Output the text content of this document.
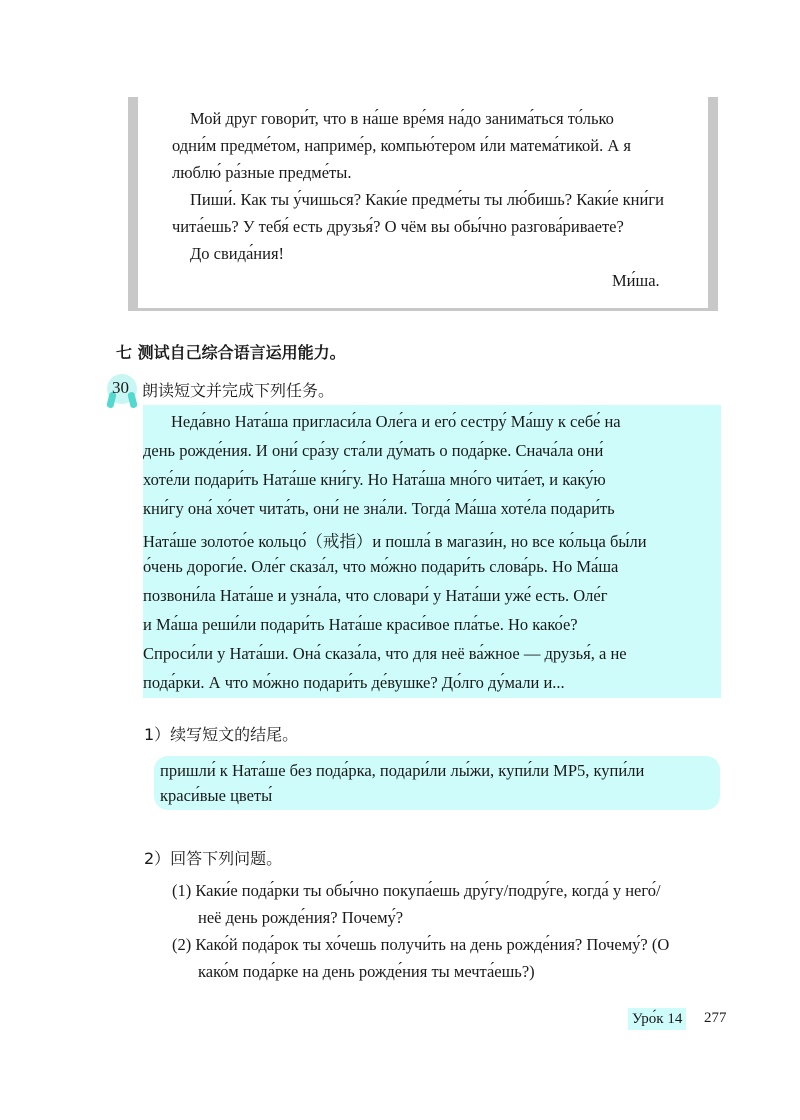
Мой друг говори́т, что в на́ше вре́мя на́до занима́ться то́лько

одни́м предме́том, наприме́р, компью́тером и́ли матема́тикой. А я

люблю́ ра́зные предме́ты.

Пиши́. Как ты у́чишься? Каки́е предме́ты ты лю́бишь? Каки́е кни́ги

чита́ешь? У тебя́ есть друзья́? О чём вы обы́чно разгова́риваете?

До свида́ния!

Ми́ша.

七 测试自己综合语言运用能力。
30 朗读短文并完成下列任务。

Неда́вно Ната́ша пригласи́ла Оле́га и его́ сестру́ Ма́шу к себе́ на

день рожде́ния. И они́ сра́зу ста́ли ду́мать о пода́рке. Снача́ла они́

хоте́ли подари́ть Ната́ше кни́гу. Но Ната́ша мно́го чита́ет, и каку́ю

кни́гу она́ хо́чет чита́ть, они́ не зна́ли. Тогда́ Ма́ша хоте́ла подари́ть

Ната́ше золото́е кольцо́（戒指）и пошла́ в магази́н, но все ко́льца бы́ли

о́чень дороги́е. Оле́г сказа́л, что мо́жно подари́ть слова́рь. Но Ма́ша

позвони́ла Ната́ше и узна́ла, что словари́ у Ната́ши уже́ есть. Оле́г

и Ма́ша реши́ли подари́ть Ната́ше краси́вое пла́тье. Но како́е?

Спроси́ли у Ната́ши. Она́ сказа́ла, что для неё ва́жное — друзья́, а не

пода́рки. А что мо́жно подари́ть де́вушке? До́лго ду́мали и...

1）续写短文的结尾。

пришли́ к Ната́ше без пода́рка, подари́ли лы́жи, купи́ли MP5, купи́ли

краси́вые цветы́

2）回答下列问题。

(1) Каки́е пода́рки ты обы́чно покупа́ешь дру́гу/подру́ге, когда́ у него́/

неё день рожде́ния? Почему́?

(2) Како́й пода́рок ты хо́чешь получи́ть на день рожде́ния? Почему́? (О

како́м пода́рке на день рожде́ния ты мечта́ешь?)

Уро́к 14 277
